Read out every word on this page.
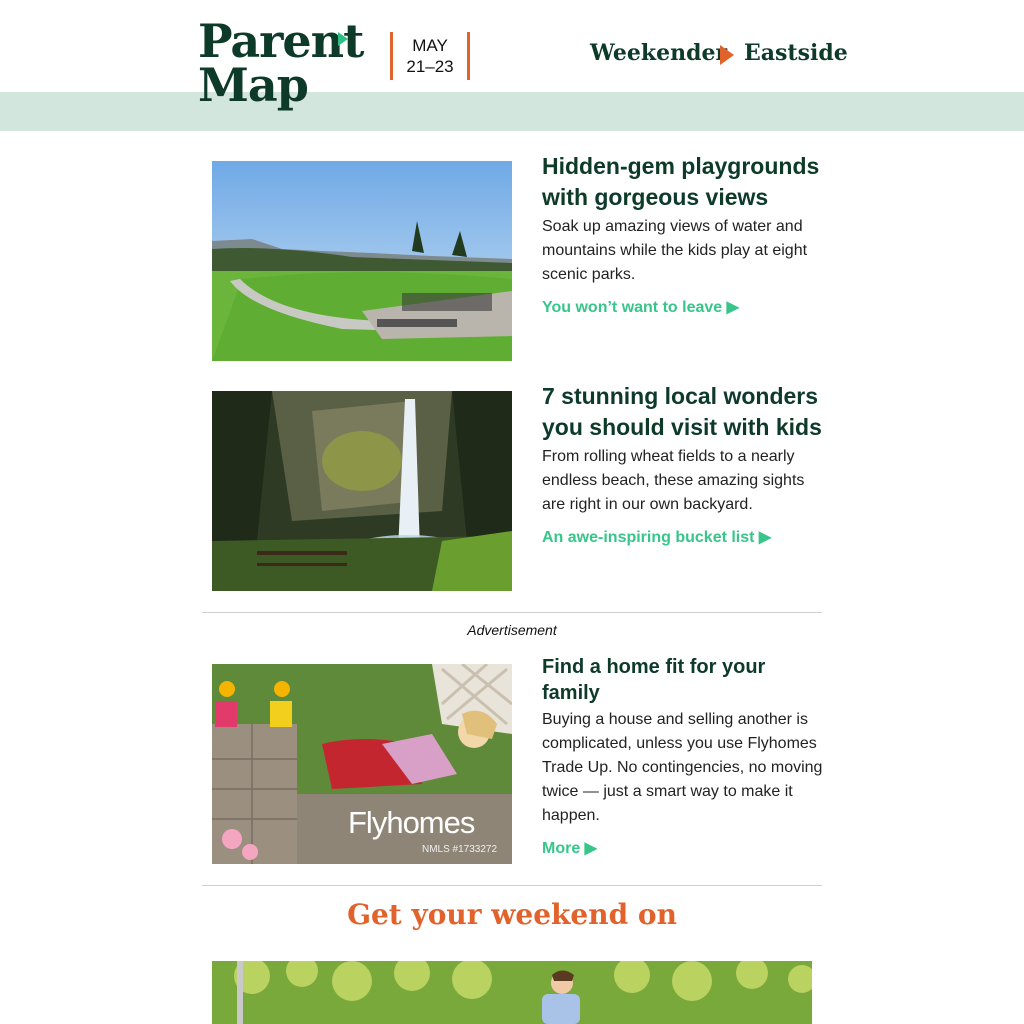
Parent
Map
MAY
21–23
Weekender Eastside
Hidden-gem playgrounds with gorgeous views

Soak up amazing views of water and mountains while the kids play at eight scenic parks.

You won’t want to leave ▶
7 stunning local wonders you should visit with kids

From rolling wheat fields to a nearly endless beach, these amazing sights are right in our own backyard.

An awe-inspiring bucket list ▶
Advertisement
Flyhomes
NMLS #1733272
Find a home fit for your family

Buying a house and selling another is complicated, unless you use Flyhomes Trade Up. No contingencies, no moving twice — just a smart way to make it happen.

More ▶
Get your weekend on
